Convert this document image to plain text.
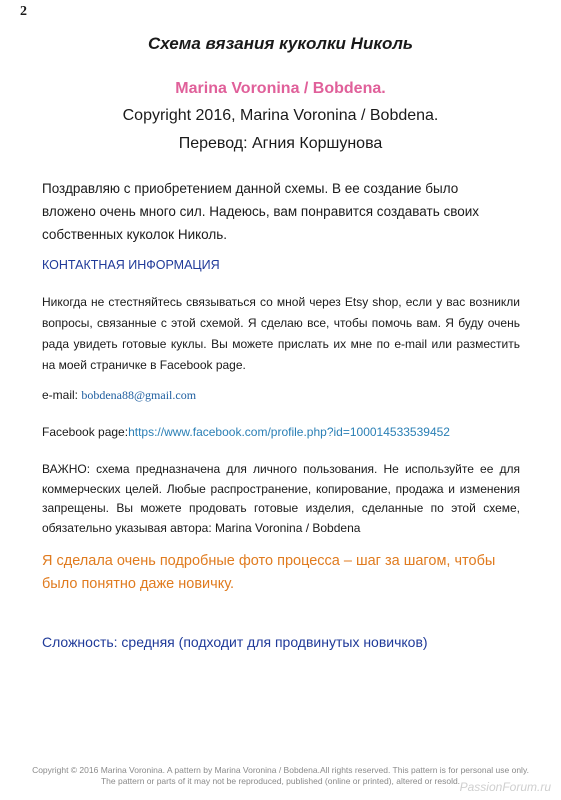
2
Схема вязания куколки Николь
Marina Voronina / Bobdena.
Copyright 2016, Marina Voronina / Bobdena.
Перевод: Агния Коршунова
Поздравляю с приобретением данной схемы. В ее создание было вложено очень много сил. Надеюсь, вам понравится создавать своих собственных куколок Николь.
КОНТАКТНАЯ ИНФОРМАЦИЯ
Никогда не стестняйтесь связываться со мной через Etsy shop, если у вас возникли вопросы, связанные с этой схемой. Я сделаю все, чтобы помочь вам. Я буду очень рада увидеть готовые куклы. Вы можете прислать их мне по e-mail или разместить на моей страничке в Facebook page.
e-mail: bobdena88@gmail.com
Facebook page:https://www.facebook.com/profile.php?id=100014533539452
ВАЖНО: схема предназначена для личного пользования. Не используйте ее для коммерческих целей. Любые распространение, копирование, продажа и изменения запрещены. Вы можете продовать готовые изделия, сделанные по этой схеме, обязательно указывая автора: Marina Voronina / Bobdena
Я сделала очень подробные фото процесса – шаг за шагом, чтобы было понятно даже новичку.
Сложность: средняя (подходит для продвинутых новичков)
Copyright © 2016 Marina Voronina. A pattern by Marina Voronina / Bobdena.All rights reserved. This pattern is for personal use only.
The pattern or parts of it may not be reproduced, published (online or printed), altered or resold. PassionForum.ru
